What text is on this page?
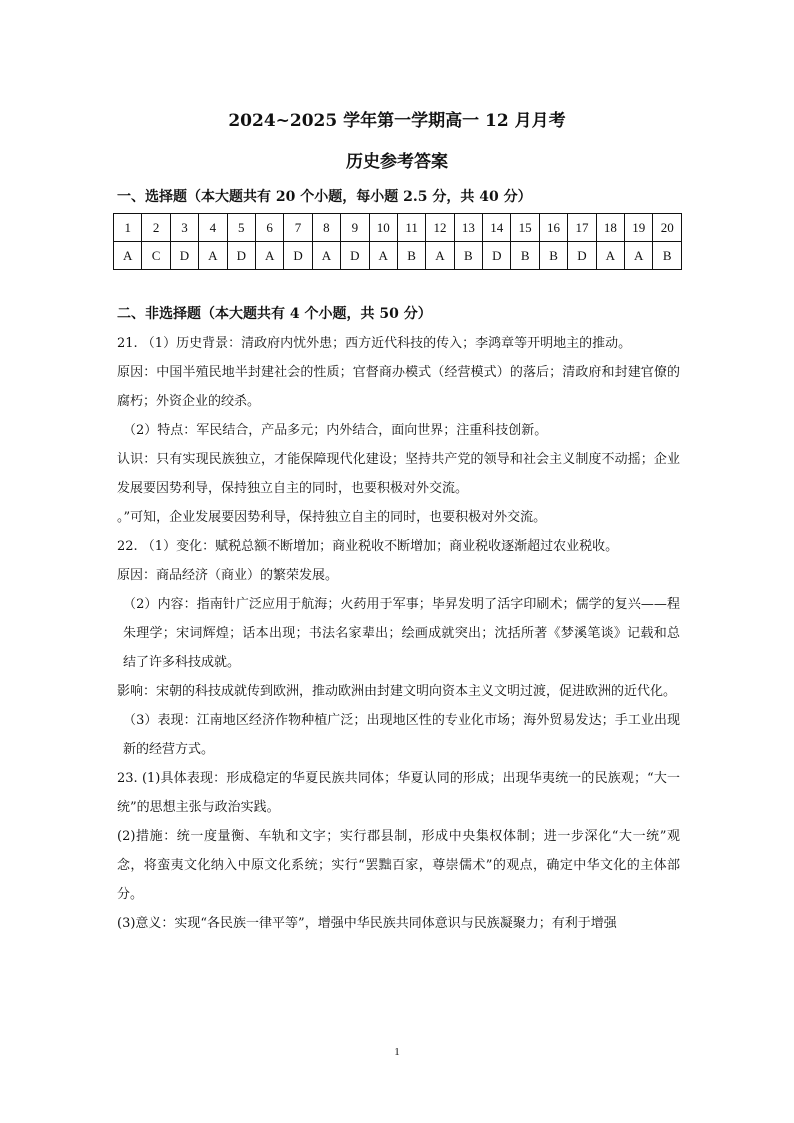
2024~2025 学年第一学期高一 12 月月考
历史参考答案

一、选择题（本大题共有 20 个小题，每小题 2.5 分，共 40 分）

1	2	3	4	5	6	7	8	9	10	11	12	13	14	15	16	17	18	19	20
A	C	D	A	D	A	D	A	D	A	B	A	B	D	B	B	D	A	A	B

二、非选择题（本大题共有 4 个小题，共 50 分）

21. （1）历史背景：清政府内忧外患；西方近代科技的传入；李鸿章等开明地主的推动。

原因：中国半殖民地半封建社会的性质；官督商办模式（经营模式）的落后；清政府和封建官僚的腐朽；外资企业的绞杀。

（2）特点：军民结合，产品多元；内外结合，面向世界；注重科技创新。

认识：只有实现民族独立，才能保障现代化建设；坚持共产党的领导和社会主义制度不动摇；企业发展要因势利导，保持独立自主的同时，也要积极对外交流。

。”可知，企业发展要因势利导，保持独立自主的同时，也要积极对外交流。

22. （1）变化：赋税总额不断增加；商业税收不断增加；商业税收逐渐超过农业税收。

原因：商品经济（商业）的繁荣发展。

（2）内容：指南针广泛应用于航海；火药用于军事；毕昇发明了活字印刷术；儒学的复兴——程朱理学；宋词辉煌；话本出现；书法名家辈出；绘画成就突出；沈括所著《梦溪笔谈》记载和总结了许多科技成就。

影响：宋朝的科技成就传到欧洲，推动欧洲由封建文明向资本主义文明过渡，促进欧洲的近代化。

（3）表现：江南地区经济作物种植广泛；出现地区性的专业化市场；海外贸易发达；手工业出现新的经营方式。

23. (1)具体表现：形成稳定的华夏民族共同体；华夏认同的形成；出现华夷统一的民族观；“大一统”的思想主张与政治实践。

(2)措施：统一度量衡、车轨和文字；实行郡县制，形成中央集权体制；进一步深化“大一统”观念，将蛮夷文化纳入中原文化系统；实行“罢黜百家，尊崇儒术”的观点，确定中华文化的主体部分。

(3)意义：实现“各民族一律平等”，增强中华民族共同体意识与民族凝聚力；有利于增强

1
